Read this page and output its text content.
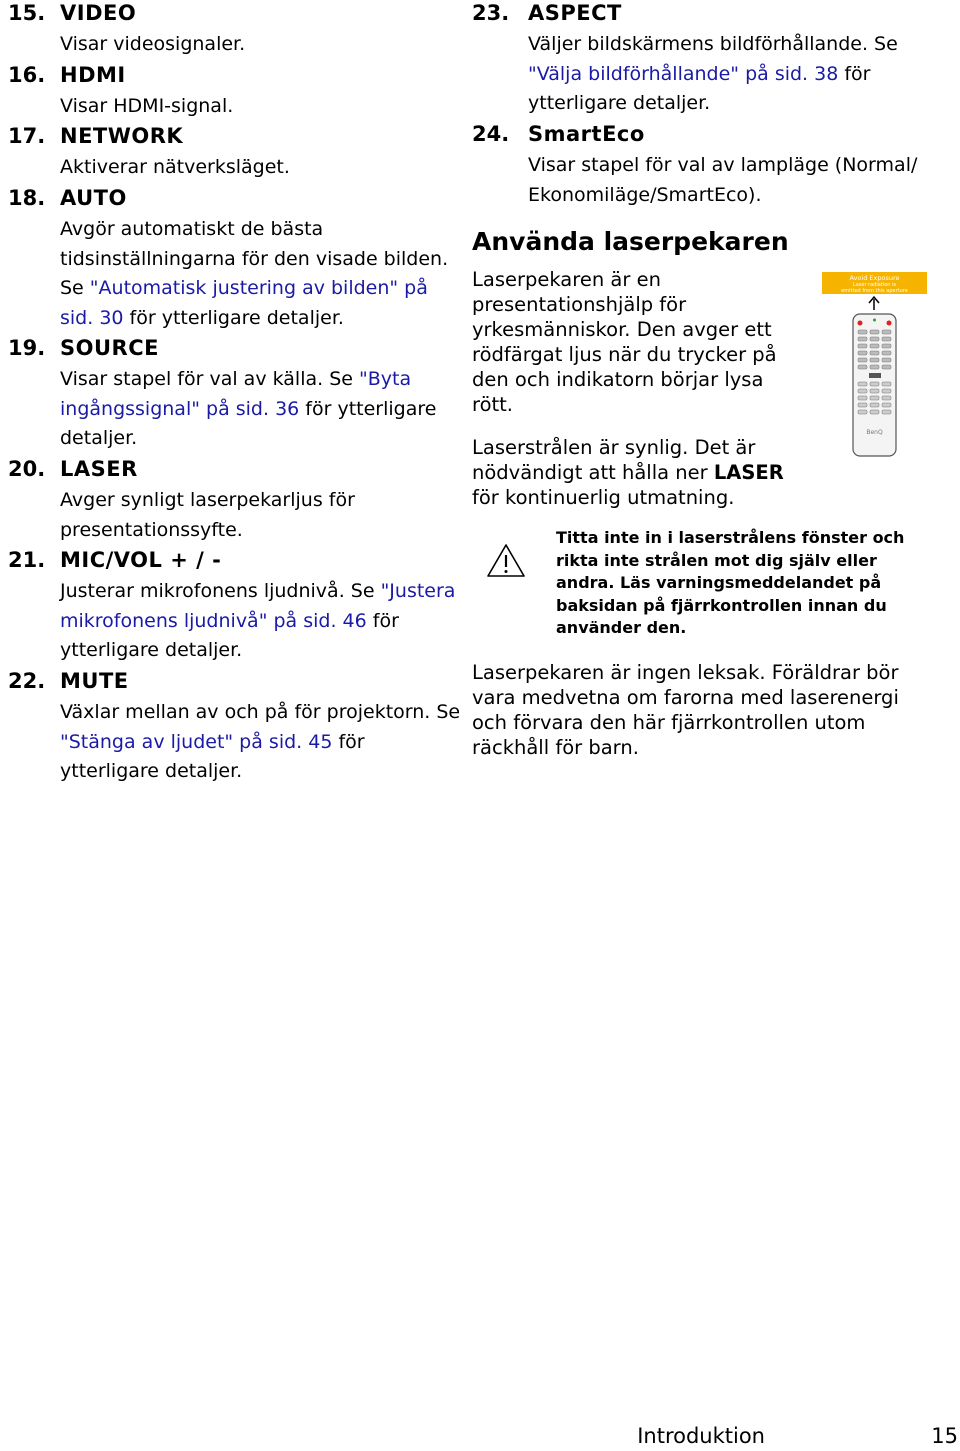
15. VIDEO
Visar videosignaler.
16. HDMI
Visar HDMI-signal.
17. NETWORK
Aktiverar nätverksläget.
18. AUTO
Avgör automatiskt de bästa tidsinställningarna för den visade bilden. Se "Automatisk justering av bilden" på sid. 30 för ytterligare detaljer.
19. SOURCE
Visar stapel för val av källa. Se "Byta ingångssignal" på sid. 36 för ytterligare detaljer.
20. LASER
Avger synligt laserpekarljus för presentationssyfte.
21. MIC/VOL + / -
Justerar mikrofonens ljudnivå. Se "Justera mikrofonens ljudnivå" på sid. 46 för ytterligare detaljer.
22. MUTE
Växlar mellan av och på för projektorn. Se "Stänga av ljudet" på sid. 45 för ytterligare detaljer.
23. ASPECT
Väljer bildskärmens bildförhållande. Se "Välja bildförhållande" på sid. 38 för ytterligare detaljer.
24. SmartEco
Visar stapel för val av lampläge (Normal/ Ekonomiläge/SmartEco).
Använda laserpekaren

Laserpekaren är en presentationshjälp för yrkesmänniskor. Den avger ett rödfärgat ljus när du trycker på den och indikatorn börjar lysa rött.

Laserstrålen är synlig. Det är nödvändigt att hålla ner LASER för kontinuerlig utmatning.

Avoid Exposure
Laser radiation is
emitted from this aperture
BenQ
Titta inte in i laserstrålens fönster och rikta inte strålen mot dig själv eller andra. Läs varningsmeddelandet på baksidan på fjärrkontrollen innan du använder den.

Laserpekaren är ingen leksak. Föräldrar bör vara medvetna om farorna med laserenergi och förvara den här fjärrkontrollen utom räckhåll för barn.

Introduktion	15
